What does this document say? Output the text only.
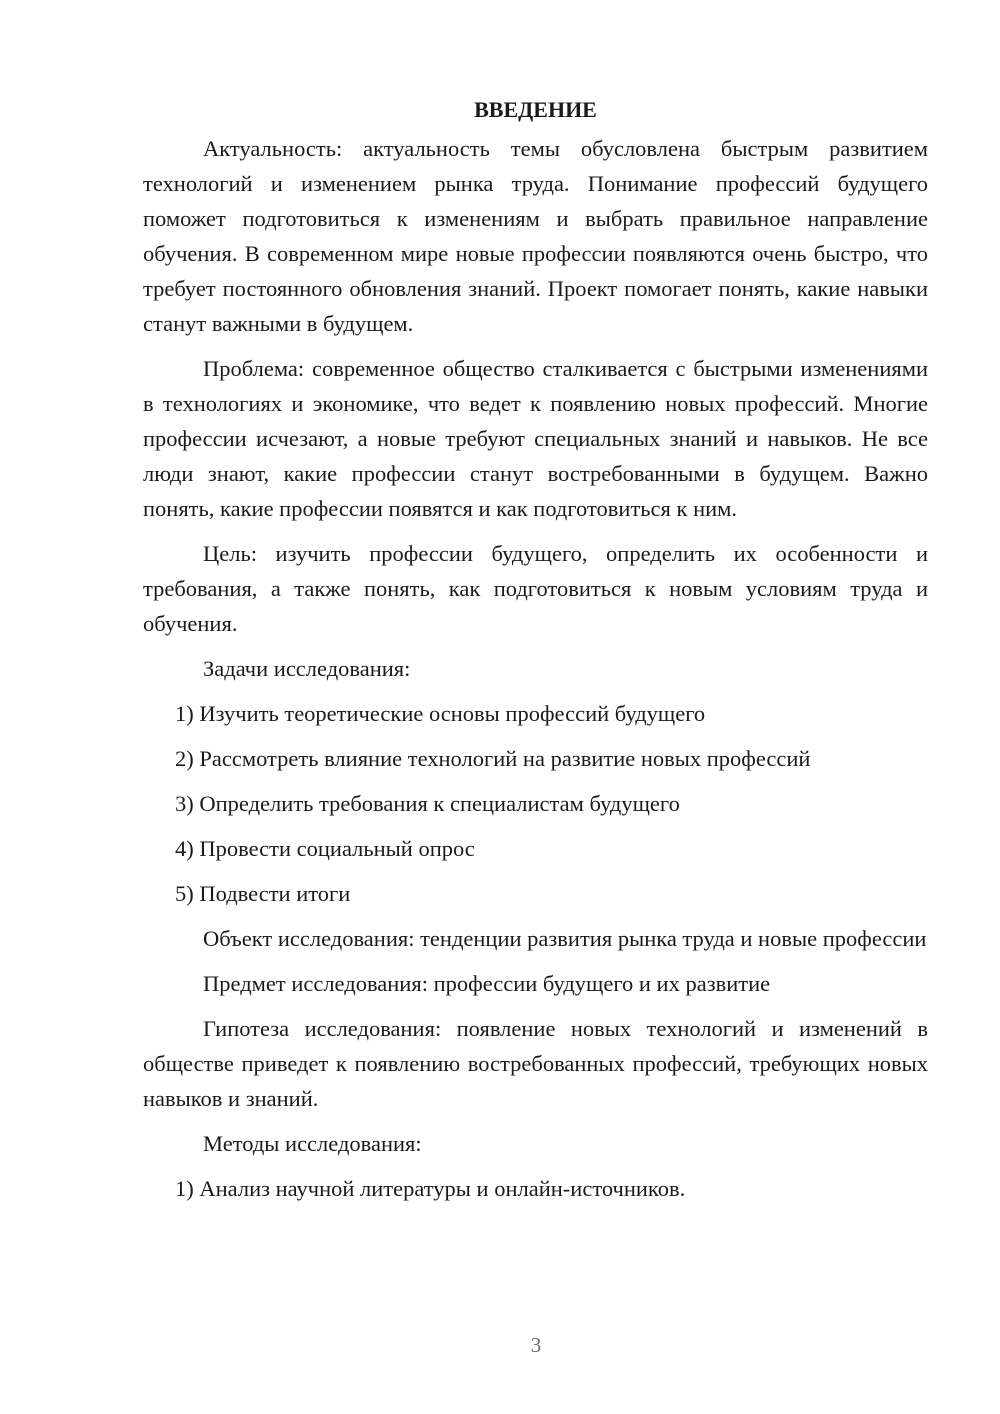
ВВЕДЕНИЕ

Актуальность: актуальность темы обусловлена быстрым развитием технологий и изменением рынка труда. Понимание профессий будущего поможет подготовиться к изменениям и выбрать правильное направление обучения. В современном мире новые профессии появляются очень быстро, что требует постоянного обновления знаний. Проект помогает понять, какие навыки станут важными в будущем.

Проблема: современное общество сталкивается с быстрыми изменениями в технологиях и экономике, что ведет к появлению новых профессий. Многие профессии исчезают, а новые требуют специальных знаний и навыков. Не все люди знают, какие профессии станут востребованными в будущем. Важно понять, какие профессии появятся и как подготовиться к ним.

Цель: изучить профессии будущего, определить их особенности и требования, а также понять, как подготовиться к новым условиям труда и обучения.

Задачи исследования:

1) Изучить теоретические основы профессий будущего

2) Рассмотреть влияние технологий на развитие новых профессий

3) Определить требования к специалистам будущего

4) Провести социальный опрос

5) Подвести итоги

Объект исследования: тенденции развития рынка труда и новые профессии

Предмет исследования: профессии будущего и их развитие

Гипотеза исследования: появление новых технологий и изменений в обществе приведет к появлению востребованных профессий, требующих новых навыков и знаний.

Методы исследования:

1) Анализ научной литературы и онлайн-источников.

3
